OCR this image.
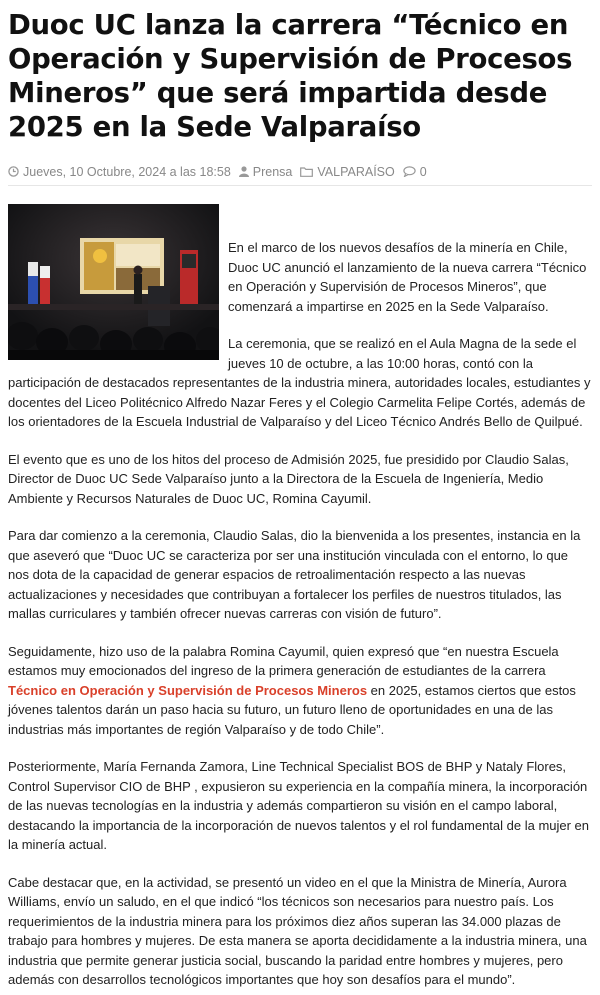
Duoc UC lanza la carrera “Técnico en Operación y Supervisión de Procesos Mineros” que será impartida desde 2025 en la Sede Valparaíso
Jueves, 10 Octubre, 2024 a las 18:58 Prensa VALPARAÍSO 0

En el marco de los nuevos desafíos de la minería en Chile, Duoc UC anunció el lanzamiento de la nueva carrera “Técnico en Operación y Supervisión de Procesos Mineros”, que comenzará a impartirse en 2025 en la Sede Valparaíso.

La ceremonia, que se realizó en el Aula Magna de la sede el jueves 10 de octubre, a las 10:00 horas, contó con la participación de destacados representantes de la industria minera, autoridades locales, estudiantes y docentes del Liceo Politécnico Alfredo Nazar Feres y el Colegio Carmelita Felipe Cortés, además de los orientadores de la Escuela Industrial de Valparaíso y del Liceo Técnico Andrés Bello de Quilpué.

El evento que es uno de los hitos del proceso de Admisión 2025, fue presidido por Claudio Salas, Director de Duoc UC Sede Valparaíso junto a la Directora de la Escuela de Ingeniería, Medio Ambiente y Recursos Naturales de Duoc UC, Romina Cayumil.

Para dar comienzo a la ceremonia, Claudio Salas, dio la bienvenida a los presentes, instancia en la que aseveró que “Duoc UC se caracteriza por ser una institución vinculada con el entorno, lo que nos dota de la capacidad de generar espacios de retroalimentación respecto a las nuevas actualizaciones y necesidades que contribuyan a fortalecer los perfiles de nuestros titulados, las mallas curriculares y también ofrecer nuevas carreras con visión de futuro”.

Seguidamente, hizo uso de la palabra Romina Cayumil, quien expresó que “en nuestra Escuela estamos muy emocionados del ingreso de la primera generación de estudiantes de la carrera Técnico en Operación y Supervisión de Procesos Mineros en 2025, estamos ciertos que estos jóvenes talentos darán un paso hacia su futuro, un futuro lleno de oportunidades en una de las industrias más importantes de región Valparaíso y de todo Chile”.

Posteriormente, María Fernanda Zamora, Line Technical Specialist BOS de BHP y Nataly Flores, Control Supervisor CIO de BHP , expusieron su experiencia en la compañía minera, la incorporación de las nuevas tecnologías en la industria y además compartieron su visión en el campo laboral, destacando la importancia de la incorporación de nuevos talentos y el rol fundamental de la mujer en la minería actual.

Cabe destacar que, en la actividad, se presentó un video en el que la Ministra de Minería, Aurora Williams, envío un saludo, en el que indicó “los técnicos son necesarios para nuestro país. Los requerimientos de la industria minera para los próximos diez años superan las 34.000 plazas de trabajo para hombres y mujeres. De esta manera se aporta decididamente a la industria minera, una industria que permite generar justicia social, buscando la paridad entre hombres y mujeres, pero además con desarrollos tecnológicos importantes que hoy son desafíos para el mundo”.
